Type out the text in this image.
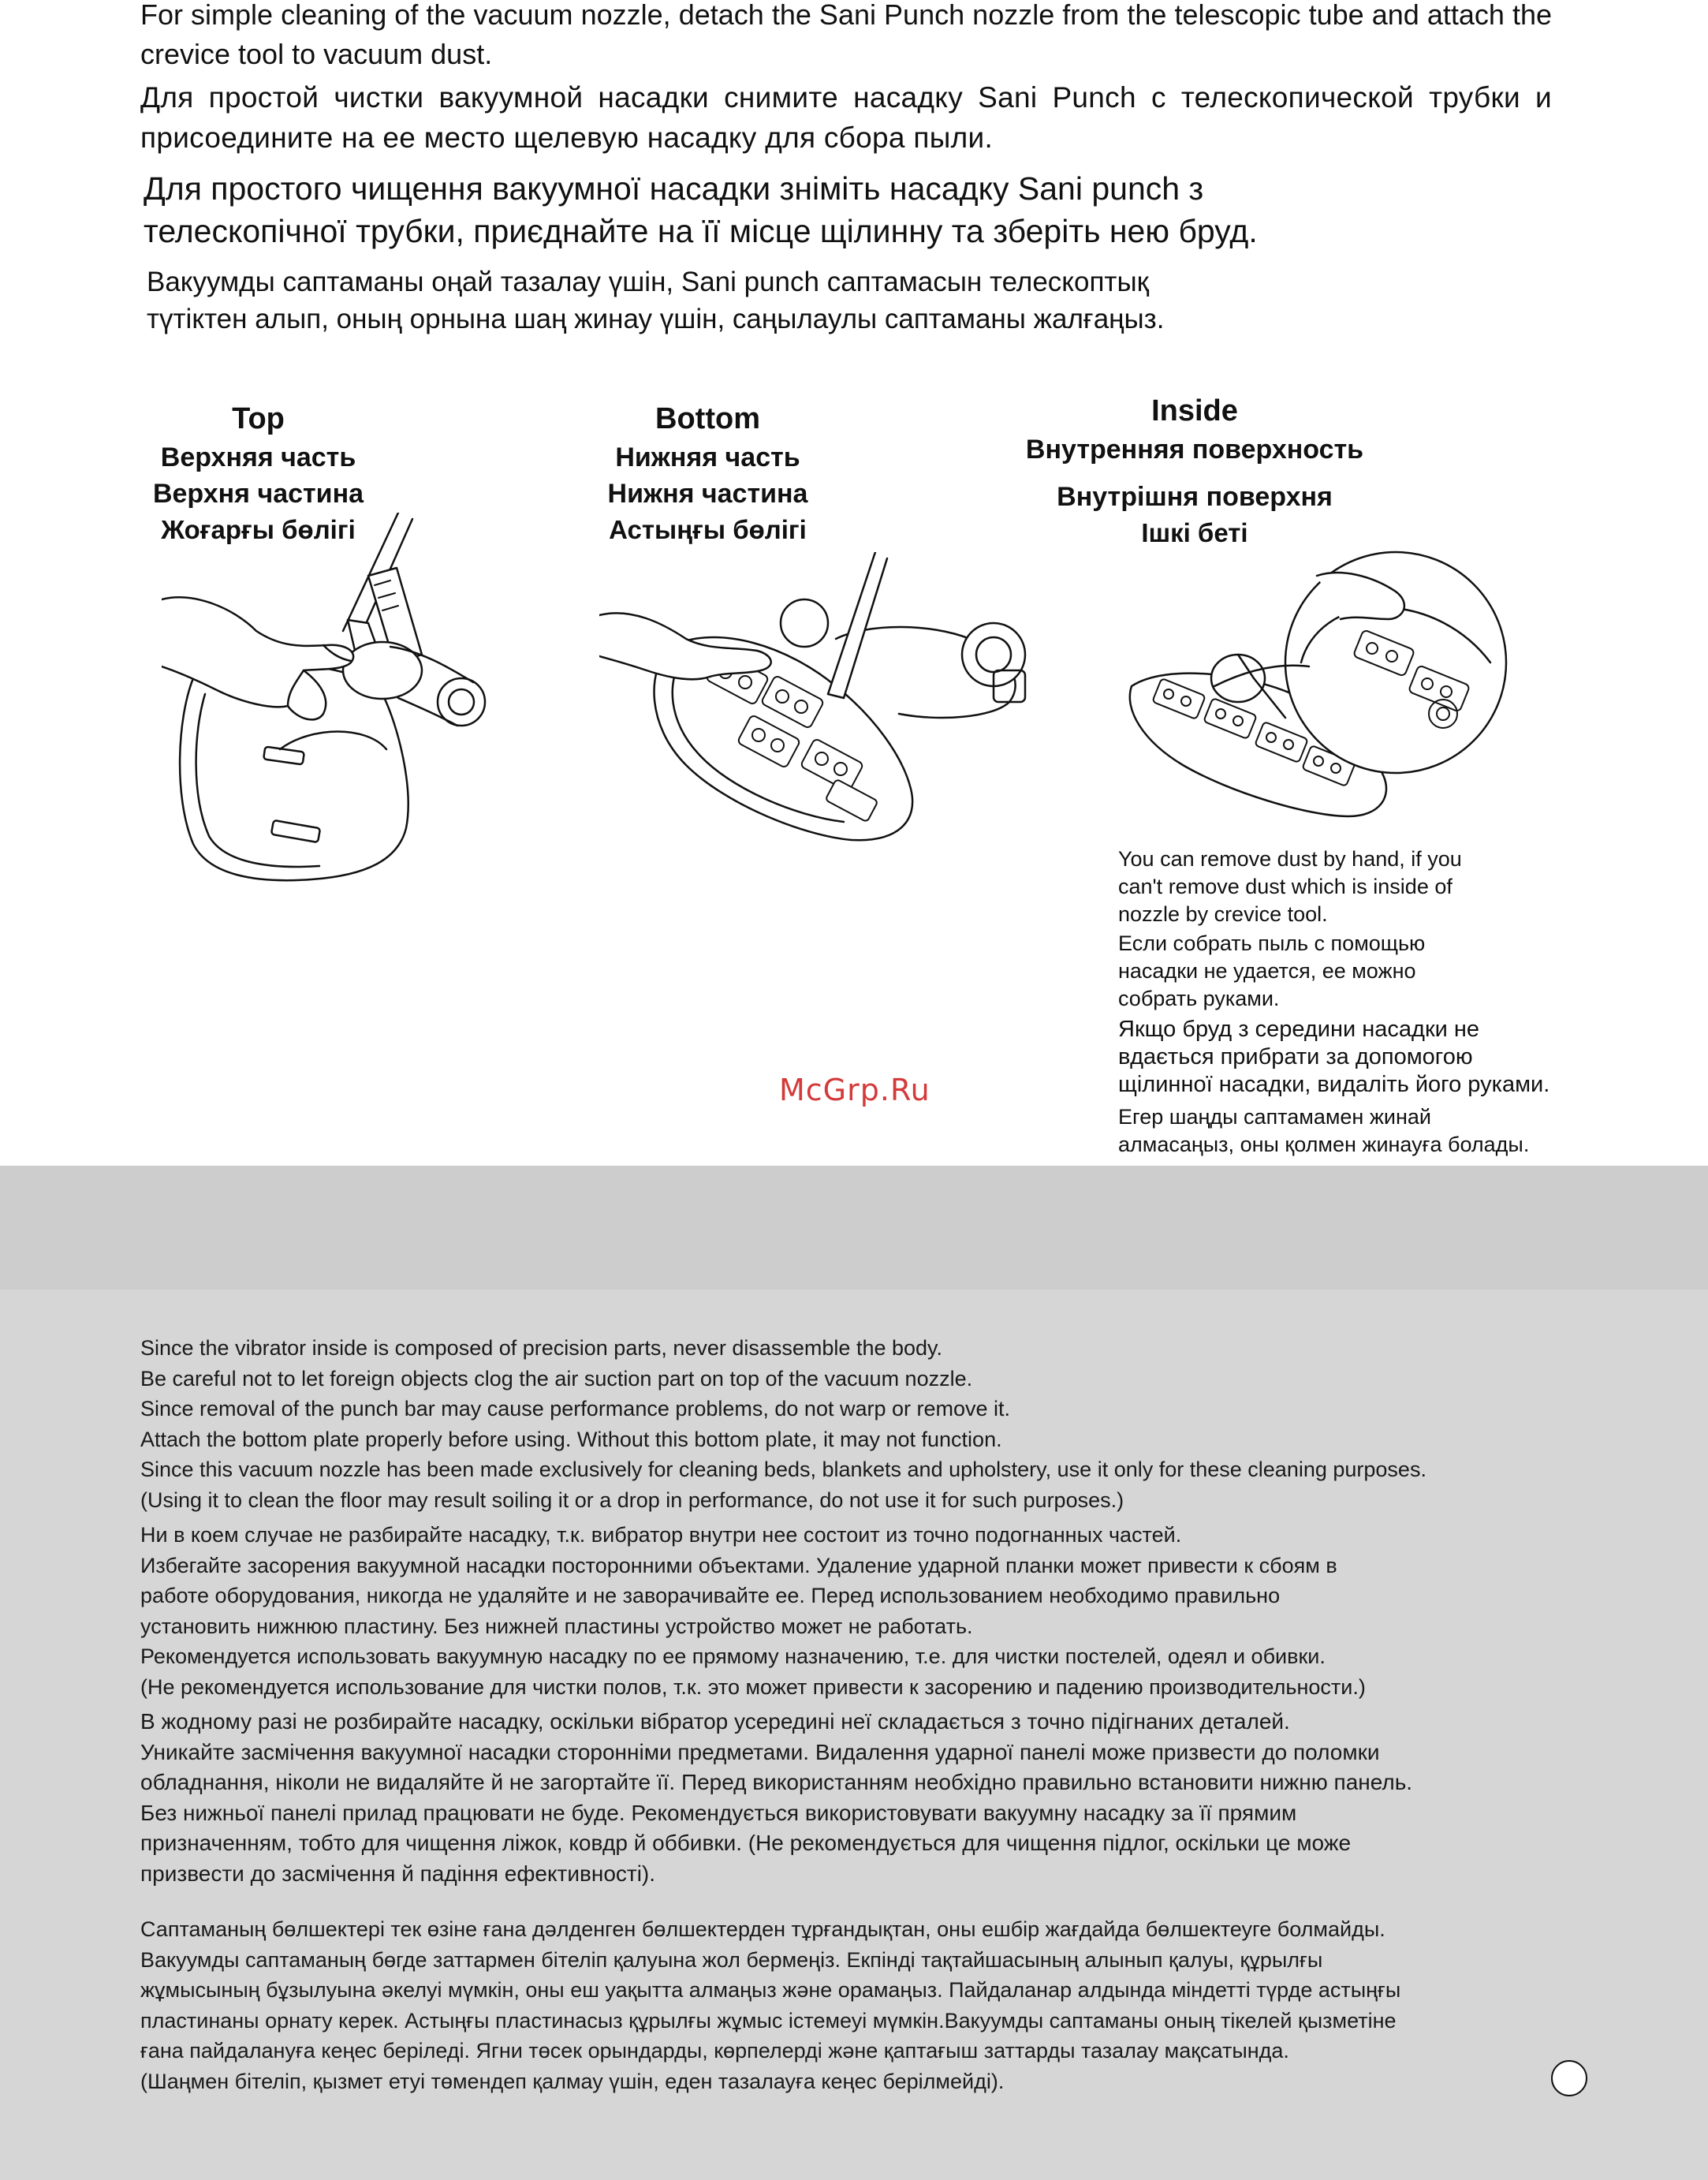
For simple cleaning of the vacuum nozzle, detach the Sani Punch nozzle from the telescopic tube and attach the crevice tool to vacuum dust.

Для простой чистки вакуумной насадки снимите насадку Sani Punch с телескопической трубки и присоедините на ее место щелевую насадку для сбора пыли.

Для простого чищення вакуумної насадки зніміть насадку Sani punch з
телескопічної трубки, приєднайте на її місце щілинну та зберіть нею бруд.
Вакуумды саптаманы оңай тазалау үшін, Sani punch саптамасын телескоптық
түтіктен алып, оның орнына шаң жинау үшін, саңылаулы саптаманы жалғаңыз.
Top
Верхняя часть
Верхня частина
Жоғарғы бөлігі
Bottom
Нижняя часть
Нижня частина
Астыңғы бөлігі
Inside
Внутренняя поверхность
Внутрішня поверхня
Ішкі беті

You can remove dust by hand, if you
can't remove dust which is inside of
nozzle by crevice tool.

Если собрать пыль с помощью
насадки не удается, ее можно
собрать руками.

Якщо бруд з середини насадки не
вдається прибрати за допомогою
щілинної насадки, видаліть його руками.

Егер шаңды саптамамен жинай
алмасаңыз, оны қолмен жинауға болады.

McGrp.Ru

Since the vibrator inside is composed of precision parts, never disassemble the body.

Be careful not to let foreign objects clog the air suction part on top of the vacuum nozzle.

Since removal of the punch bar may cause performance problems, do not warp or remove it.

Attach the bottom plate properly before using. Without this bottom plate, it may not function.

Since this vacuum nozzle has been made exclusively for cleaning beds, blankets and upholstery, use it only for these cleaning purposes.

(Using it to clean the floor may result soiling it or a drop in performance, do not use it for such purposes.)

Ни в коем случае не разбирайте насадку, т.к. вибратор внутри нее состоит из точно подогнанных частей.

Избегайте засорения вакуумной насадки посторонними объектами. Удаление ударной планки может привести к сбоям в

работе оборудования, никогда не удаляйте и не заворачивайте ее. Перед использованием необходимо правильно

установить нижнюю пластину. Без нижней пластины устройство может не работать.

Рекомендуется использовать вакуумную насадку по ее прямому назначению, т.е. для чистки постелей, одеял и обивки.

(Не рекомендуется использование для чистки полов, т.к. это может привести к засорению и падению производительности.)

В жодному разі не розбирайте насадку, оскільки вібратор усередині неї складається з точно підігнаних деталей.

Уникайте засмічення вакуумної насадки сторонніми предметами. Видалення ударної панелі може призвести до поломки

обладнання, ніколи не видаляйте й не загортайте її. Перед використанням необхідно правильно встановити нижню панель.

Без нижньої панелі прилад працювати не буде. Рекомендується використовувати вакуумну насадку за її прямим

призначенням, тобто для чищення ліжок, ковдр й оббивки. (Не рекомендується для чищення підлог, оскільки це може

призвести до засмічення й падіння ефективності).

Саптаманың бөлшектері тек өзіне ғана дәлденген бөлшектерден тұрғандықтан, оны ешбір жағдайда бөлшектеуге болмайды.

Вакуумды саптаманың бөгде заттармен бітеліп қалуына жол бермеңіз. Екпінді тақтайшасының алынып қалуы, құрылғы

жұмысының бұзылуына әкелуі мүмкін, оны еш уақытта алмаңыз және орамаңыз. Пайдаланар алдында міндетті түрде астыңғы

пластинаны орнату керек. Астыңғы пластинасыз құрылғы жұмыс істемеуі мүмкін.Вакуумды саптаманы оның тікелей қызметіне

ғана пайдалануға кеңес беріледі. Ягни төсек орындарды, көрпелерді және қаптағыш заттарды тазалау мақсатында.

(Шаңмен бітеліп, қызмет етуі төмендеп қалмау үшін, еден тазалауға кеңес берілмейді).
